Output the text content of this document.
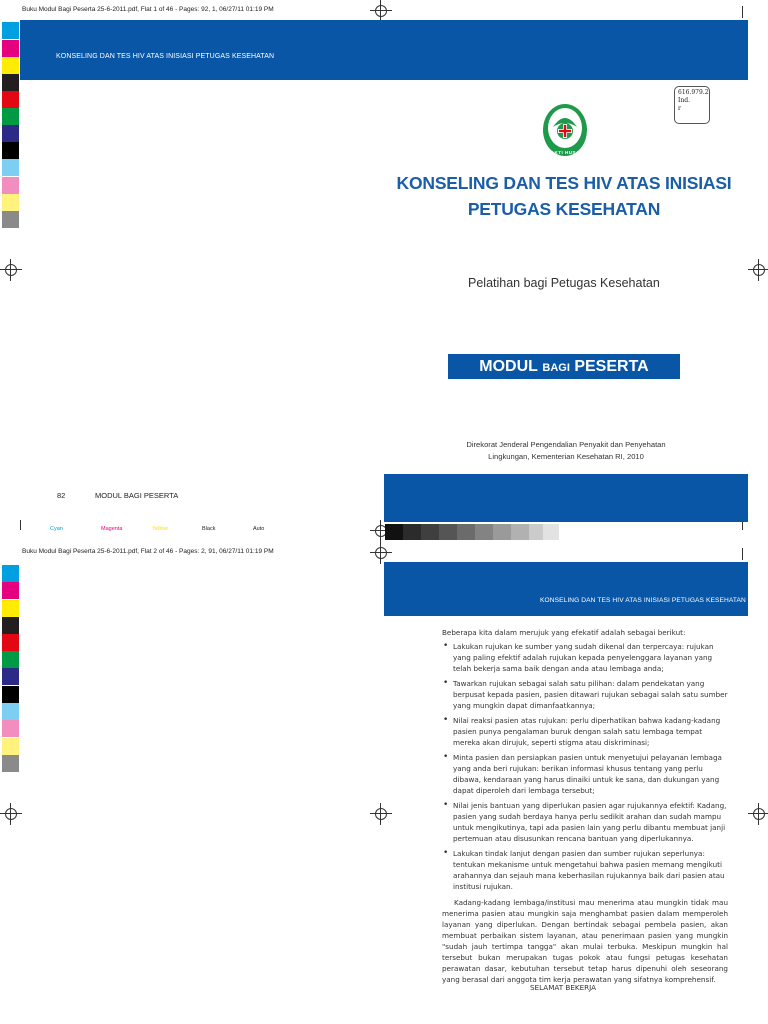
Buku Modul Bagi Peserta 25-6-2011.pdf, Flat 1 of 46 - Pages: 92, 1, 06/27/11 01:19 PM
KONSELING DAN TES HIV ATAS INISIASI PETUGAS KESEHATAN
616.979.2
Ind.
r
BAKTI HUSADA
KONSELING DAN TES HIV ATAS INISIASI
PETUGAS KESEHATAN
Pelatihan bagi Petugas Kesehatan
MODUL BAGI PESERTA
Direkorat Jenderal Pengendalian Penyakit dan Penyehatan
Lingkungan, Kementerian Kesehatan RI, 2010
82	MODUL BAGI PESERTA
Cyan	Magenta	Yellow	Black	Auto
Buku Modul Bagi Peserta 25-6-2011.pdf, Flat 2 of 46 - Pages: 2, 91, 06/27/11 01:19 PM
KONSELING DAN TES HIV ATAS INISIASI PETUGAS KESEHATAN
Beberapa kita dalam merujuk yang efekatif adalah sebagai berikut:
• Lakukan rujukan ke sumber yang sudah dikenal dan terpercaya: rujukan yang paling efektif adalah rujukan kepada penyelenggara layanan yang telah bekerja sama baik dengan anda atau lembaga anda;
• Tawarkan rujukan sebagai salah satu pilihan: dalam pendekatan yang berpusat kepada pasien, pasien ditawari rujukan sebagai salah satu sumber yang mungkin dapat dimanfaatkannya;
• Nilai reaksi pasien atas rujukan: perlu diperhatikan bahwa kadang-kadang pasien punya pengalaman buruk dengan salah satu lembaga tempat mereka akan dirujuk, seperti stigma atau diskriminasi;
• Minta pasien dan persiapkan pasien untuk menyetujui pelayanan lembaga yang anda beri rujukan: berikan informasi khusus tentang yang perlu dibawa, kendaraan yang harus dinaiki untuk ke sana, dan dukungan yang dapat diperoleh dari lembaga tersebut;
• Nilai jenis bantuan yang diperlukan pasien agar rujukannya efektif: Kadang, pasien yang sudah berdaya hanya perlu sedikit arahan dan sudah mampu untuk mengikutinya, tapi ada pasien lain yang perlu dibantu membuat janji pertemuan atau disusunkan rencana bantuan yang diperlukannya.
• Lakukan tindak lanjut dengan pasien dan sumber rujukan seperlunya: tentukan mekanisme untuk mengetahui bahwa pasien memang mengikuti arahannya dan sejauh mana keberhasilan rujukannya baik dari pasien atau institusi rujukan.
Kadang-kadang lembaga/institusi mau menerima atau mungkin tidak mau menerima pasien atau mungkin saja menghambat pasien dalam memperoleh layanan yang diperlukan. Dengan bertindak sebagai pembela pasien, akan membuat perbaikan sistem layanan, atau penerimaan pasien yang mungkin "sudah jauh tertimpa tangga" akan mulai terbuka. Meskipun mungkin hal tersebut bukan merupakan tugas pokok atau fungsi petugas kesehatan perawatan dasar, kebutuhan tersebut tetap harus dipenuhi oleh seseorang yang berasal dari anggota tim kerja perawatan yang sifatnya komprehensif.
SELAMAT BEKERJA
